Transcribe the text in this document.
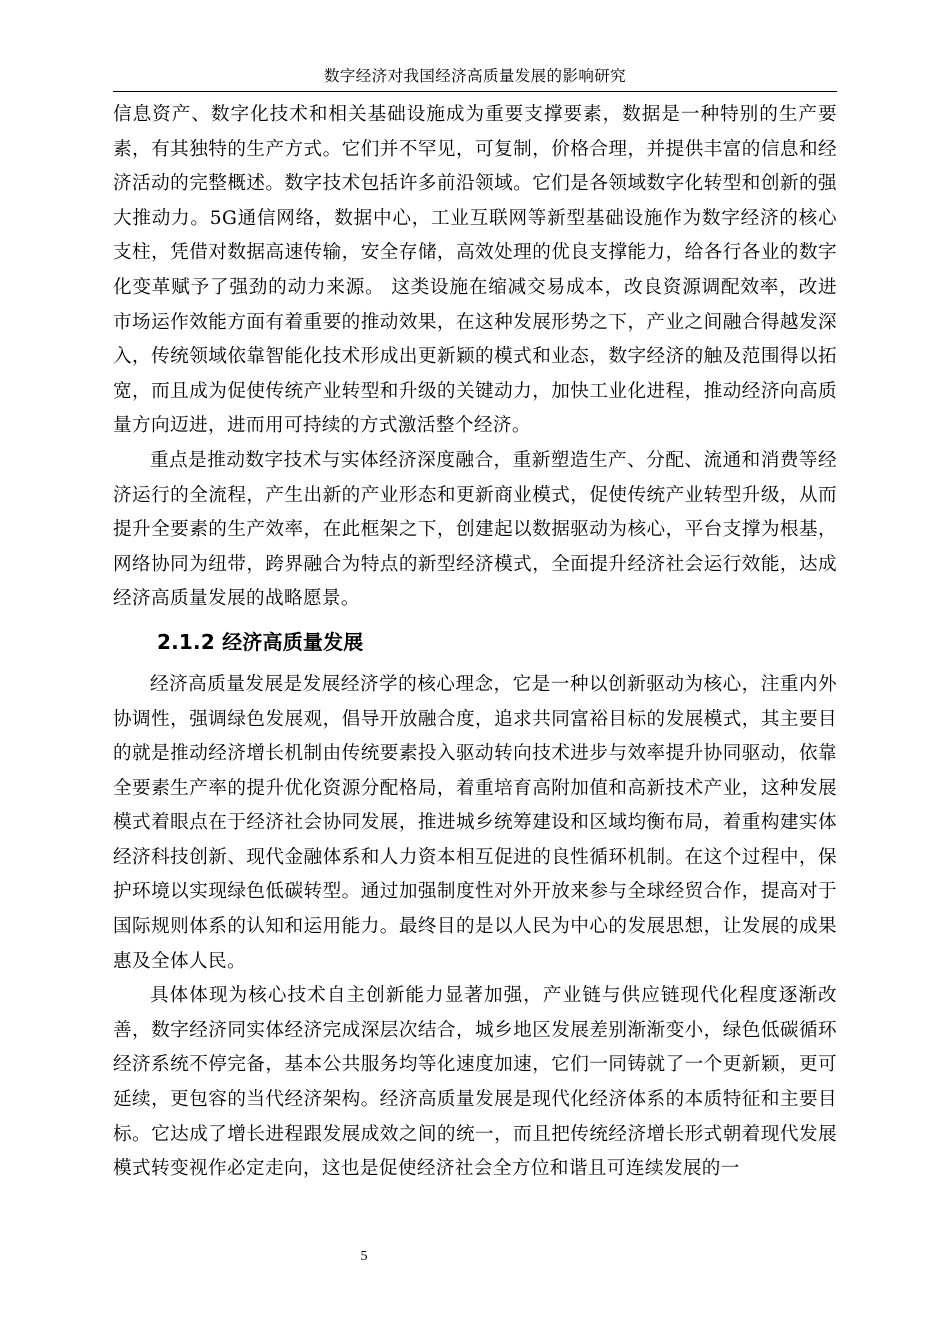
数字经济对我国经济高质量发展的影响研究

信息资产、数字化技术和相关基础设施成为重要支撑要素，数据是一种特别的生产要素，有其独特的生产方式。它们并不罕见，可复制，价格合理，并提供丰富的信息和经济活动的完整概述。数字技术包括许多前沿领域。它们是各领域数字化转型和创新的强大推动力。5G通信网络，数据中心，工业互联网等新型基础设施作为数字经济的核心支柱，凭借对数据高速传输，安全存储，高效处理的优良支撑能力，给各行各业的数字化变革赋予了强劲的动力来源。 这类设施在缩减交易成本，改良资源调配效率，改进市场运作效能方面有着重要的推动效果，在这种发展形势之下，产业之间融合得越发深入，传统领域依靠智能化技术形成出更新颖的模式和业态，数字经济的触及范围得以拓宽，而且成为促使传统产业转型和升级的关键动力，加快工业化进程，推动经济向高质量方向迈进，进而用可持续的方式激活整个经济。

重点是推动数字技术与实体经济深度融合，重新塑造生产、分配、流通和消费等经济运行的全流程，产生出新的产业形态和更新商业模式，促使传统产业转型升级，从而提升全要素的生产效率，在此框架之下，创建起以数据驱动为核心，平台支撑为根基，网络协同为纽带，跨界融合为特点的新型经济模式，全面提升经济社会运行效能，达成经济高质量发展的战略愿景。

2.1.2 经济高质量发展

经济高质量发展是发展经济学的核心理念，它是一种以创新驱动为核心，注重内外协调性，强调绿色发展观，倡导开放融合度，追求共同富裕目标的发展模式，其主要目的就是推动经济增长机制由传统要素投入驱动转向技术进步与效率提升协同驱动，依靠全要素生产率的提升优化资源分配格局，着重培育高附加值和高新技术产业，这种发展模式着眼点在于经济社会协同发展，推进城乡统筹建设和区域均衡布局，着重构建实体经济科技创新、现代金融体系和人力资本相互促进的良性循环机制。在这个过程中，保护环境以实现绿色低碳转型。通过加强制度性对外开放来参与全球经贸合作，提高对于国际规则体系的认知和运用能力。最终目的是以人民为中心的发展思想，让发展的成果惠及全体人民。

具体体现为核心技术自主创新能力显著加强，产业链与供应链现代化程度逐渐改善，数字经济同实体经济完成深层次结合，城乡地区发展差别渐渐变小，绿色低碳循环经济系统不停完备，基本公共服务均等化速度加速，它们一同铸就了一个更新颖，更可延续，更包容的当代经济架构。经济高质量发展是现代化经济体系的本质特征和主要目标。它达成了增长进程跟发展成效之间的统一，而且把传统经济增长形式朝着现代发展模式转变视作必定走向，这也是促使经济社会全方位和谐且可连续发展的一

5
